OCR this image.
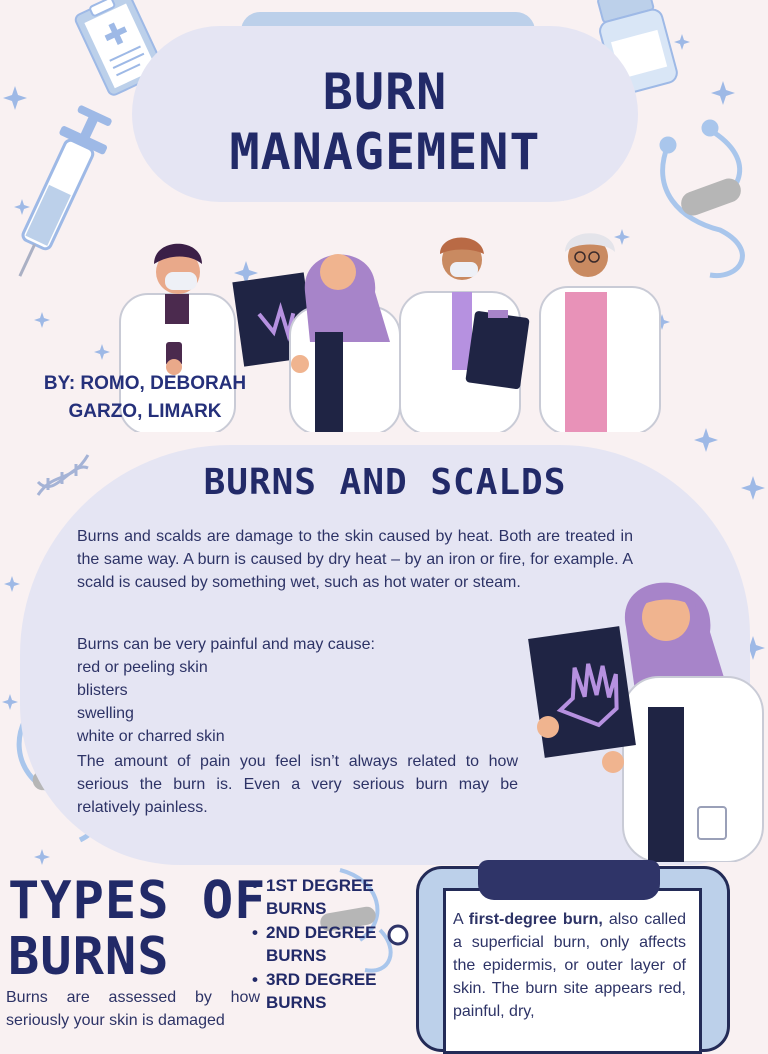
BURN
MANAGEMENT
BY: ROMO, DEBORAH
GARZO, LIMARK
BURNS AND SCALDS

Burns and scalds are damage to the skin caused by heat. Both are treated in the same way. A burn is caused by dry heat – by an iron or fire, for example. A scald is caused by something wet, such as hot water or steam.

Burns can be very painful and may cause:
red or peeling skin
blisters
swelling
white or charred skin

The amount of pain you feel isn’t always related to how serious the burn is. Even a very serious burn may be relatively painless.

TYPES OF
BURNS
• 1ST DEGREE BURNS
• 2ND DEGREE BURNS
• 3RD DEGREE BURNS
Burns are assessed by how seriously your skin is damaged
A first-degree burn, also called a superficial burn, only affects the epidermis, or outer layer of skin. The burn site appears red, painful, dry,
